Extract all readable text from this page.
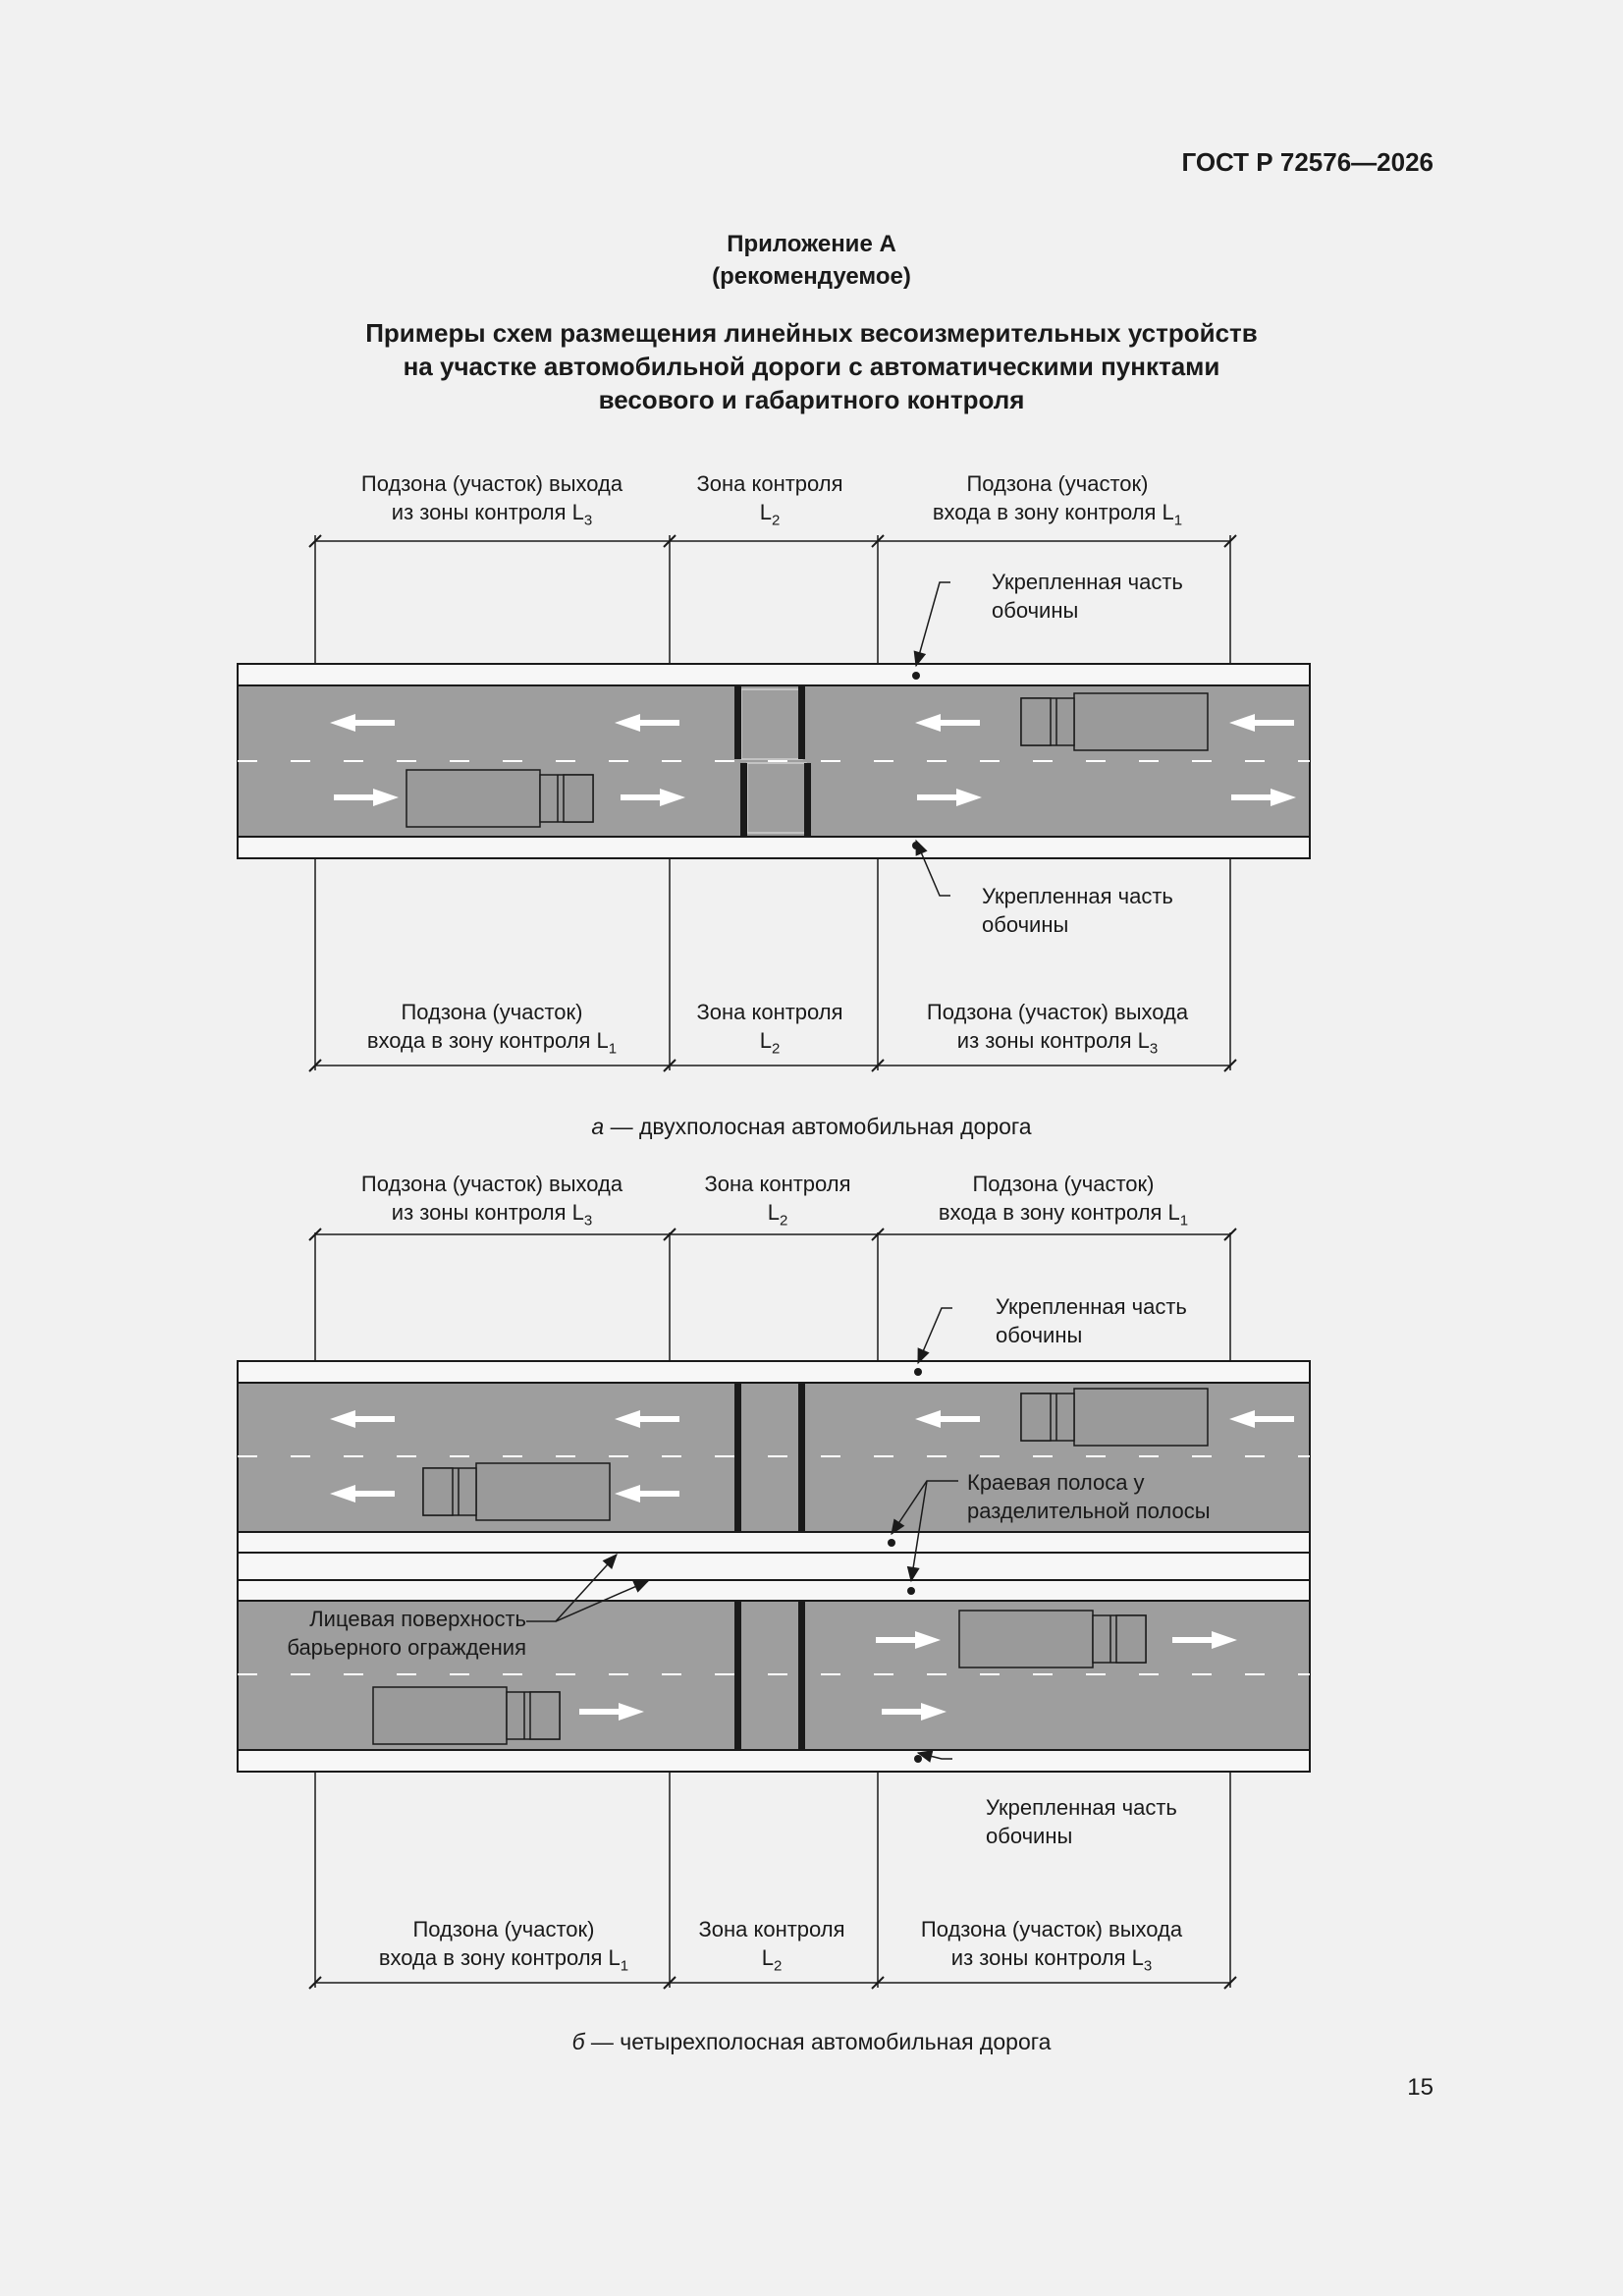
ГОСТ Р 72576—2026
Приложение А
(рекомендуемое)
Примеры схем размещения линейных весоизмерительных устройств
на участке автомобильной дороги с автоматическими пунктами
весового и габаритного контроля
Подзона (участок) выхода
из зоны контроля $L_3$
Зона контроля
$L_2$
Подзона (участок)
входа в зону контроля $L_1$
Укрепленная часть
обочины
Укрепленная часть
обочины
Подзона (участок)
входа в зону контроля $L_1$
Зона контроля
$L_2$
Подзона (участок) выхода
из зоны контроля $L_3$
а — двухполосная автомобильная дорога
Подзона (участок) выхода
из зоны контроля $L_3$
Зона контроля
$L_2$
Подзона (участок)
входа в зону контроля $L_1$
Укрепленная часть
обочины
Краевая полоса у
разделительной полосы
Лицевая поверхность
барьерного ограждения
Укрепленная часть
обочины
Подзона (участок)
входа в зону контроля $L_1$
Зона контроля
$L_2$
Подзона (участок) выхода
из зоны контроля $L_3$
б — четырехполосная автомобильная дорога
15
